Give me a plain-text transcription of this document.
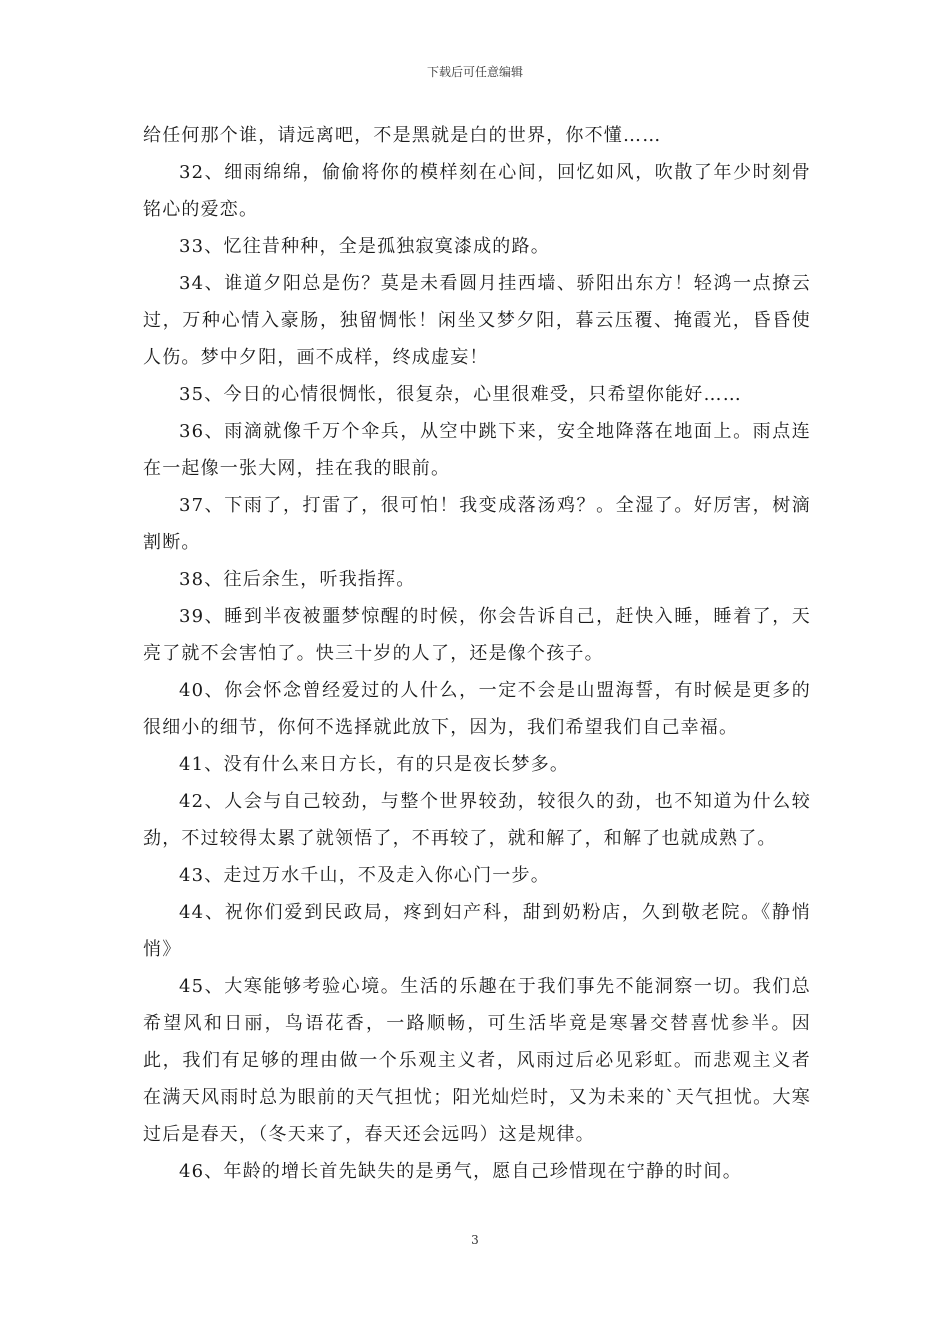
下载后可任意编辑

给任何那个谁，请远离吧，不是黑就是白的世界，你不懂……

32、细雨绵绵，偷偷将你的模样刻在心间，回忆如风，吹散了年少时刻骨铭心的爱恋。

33、忆往昔种种，全是孤独寂寞漆成的路。

34、谁道夕阳总是伤？莫是未看圆月挂西墙、骄阳出东方！轻鸿一点撩云过，万种心情入豪肠，独留惆怅！闲坐又梦夕阳，暮云压覆、掩霞光，昏昏使人伤。梦中夕阳，画不成样，终成虚妄！

35、今日的心情很惆怅，很复杂，心里很难受，只希望你能好……

36、雨滴就像千万个伞兵，从空中跳下来，安全地降落在地面上。雨点连在一起像一张大网，挂在我的眼前。

37、下雨了，打雷了，很可怕！我变成落汤鸡？。全湿了。好厉害，树滴割断。

38、往后余生，听我指挥。

39、睡到半夜被噩梦惊醒的时候，你会告诉自己，赶快入睡，睡着了，天亮了就不会害怕了。快三十岁的人了，还是像个孩子。

40、你会怀念曾经爱过的人什么，一定不会是山盟海誓，有时候是更多的很细小的细节，你何不选择就此放下，因为，我们希望我们自己幸福。

41、没有什么来日方长，有的只是夜长梦多。

42、人会与自己较劲，与整个世界较劲，较很久的劲，也不知道为什么较劲，不过较得太累了就领悟了，不再较了，就和解了，和解了也就成熟了。

43、走过万水千山，不及走入你心门一步。

44、祝你们爱到民政局，疼到妇产科，甜到奶粉店，久到敬老院。《静悄悄》

45、大寒能够考验心境。生活的乐趣在于我们事先不能洞察一切。我们总希望风和日丽，鸟语花香，一路顺畅，可生活毕竟是寒暑交替喜忧参半。因此，我们有足够的理由做一个乐观主义者，风雨过后必见彩虹。而悲观主义者在满天风雨时总为眼前的天气担忧；阳光灿烂时，又为未来的`天气担忧。大寒过后是春天，（冬天来了，春天还会远吗）这是规律。

46、年龄的增长首先缺失的是勇气，愿自己珍惜现在宁静的时间。

3
